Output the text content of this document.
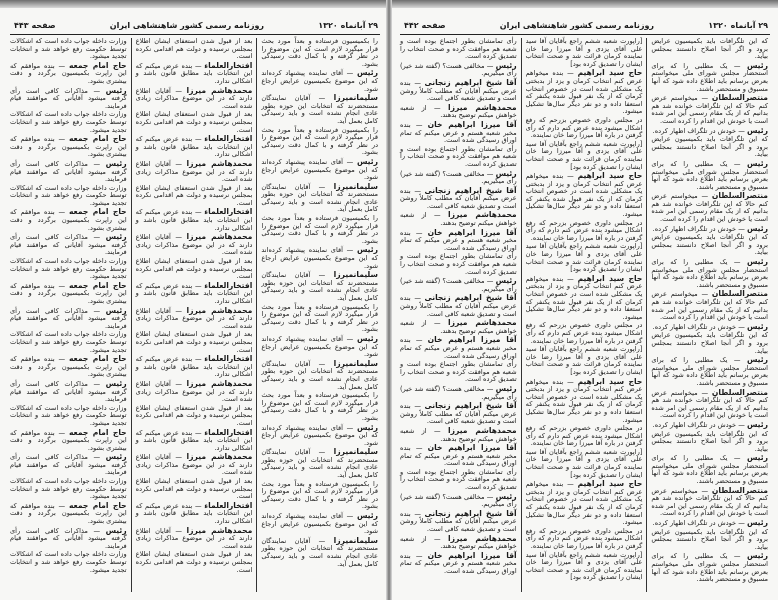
۲۹ آبانماه ۱۳۲۰
روزنامه رسمی کشور شاهنشاهی ایران
صفحه ۴۴۳

را بکمیسیون فرستاده و بعداً مورد بحث قرار میگیرد لازم است که این موضوع را در نظر گرفته و با کمال دقت رسیدگی بشود.

رئیس — آقای نماینده پیشنهاد کرده‌اند که این موضوع بکمیسیون عرایض ارجاع شود.

سلیمانمیرزا — آقایان نمایندگان مستحضرند که انتخابات این حوزه بطور عادی انجام نشده است و باید رسیدگی کامل بعمل آید.

را بکمیسیون فرستاده و بعداً مورد بحث قرار میگیرد لازم است که این موضوع را در نظر گرفته و با کمال دقت رسیدگی بشود.

رئیس — آقای نماینده پیشنهاد کرده‌اند که این موضوع بکمیسیون عرایض ارجاع شود.

سلیمانمیرزا — آقایان نمایندگان مستحضرند که انتخابات این حوزه بطور عادی انجام نشده است و باید رسیدگی کامل بعمل آید.

را بکمیسیون فرستاده و بعداً مورد بحث قرار میگیرد لازم است که این موضوع را در نظر گرفته و با کمال دقت رسیدگی بشود.

رئیس — آقای نماینده پیشنهاد کرده‌اند که این موضوع بکمیسیون عرایض ارجاع شود.

سلیمانمیرزا — آقایان نمایندگان مستحضرند که انتخابات این حوزه بطور عادی انجام نشده است و باید رسیدگی کامل بعمل آید.

را بکمیسیون فرستاده و بعداً مورد بحث قرار میگیرد لازم است که این موضوع را در نظر گرفته و با کمال دقت رسیدگی بشود.

رئیس — آقای نماینده پیشنهاد کرده‌اند که این موضوع بکمیسیون عرایض ارجاع شود.

سلیمانمیرزا — آقایان نمایندگان مستحضرند که انتخابات این حوزه بطور عادی انجام نشده است و باید رسیدگی کامل بعمل آید.

را بکمیسیون فرستاده و بعداً مورد بحث قرار میگیرد لازم است که این موضوع را در نظر گرفته و با کمال دقت رسیدگی بشود.

رئیس — آقای نماینده پیشنهاد کرده‌اند که این موضوع بکمیسیون عرایض ارجاع شود.

سلیمانمیرزا — آقایان نمایندگان مستحضرند که انتخابات این حوزه بطور عادی انجام نشده است و باید رسیدگی کامل بعمل آید.

را بکمیسیون فرستاده و بعداً مورد بحث قرار میگیرد لازم است که این موضوع را در نظر گرفته و با کمال دقت رسیدگی بشود.

رئیس — آقای نماینده پیشنهاد کرده‌اند که این موضوع بکمیسیون عرایض ارجاع شود.

سلیمانمیرزا — آقایان نمایندگان مستحضرند که انتخابات این حوزه بطور عادی انجام نشده است و باید رسیدگی کامل بعمل آید.

بعد از قبول شدن استعفای ایشان اطلاع بمجلس نرسیده و دولت هم اقدامی نکرده است.

افتخارالعلماء — بنده عرض میکنم که این انتخابات باید مطابق قانون باشد و اشکالی ندارد.

محمدهاشم میرزا — آقایان اطلاع دارند که در این موضوع مذاکرات زیادی شده است.

بعد از قبول شدن استعفای ایشان اطلاع بمجلس نرسیده و دولت هم اقدامی نکرده است.

افتخارالعلماء — بنده عرض میکنم که این انتخابات باید مطابق قانون باشد و اشکالی ندارد.

محمدهاشم میرزا — آقایان اطلاع دارند که در این موضوع مذاکرات زیادی شده است.

بعد از قبول شدن استعفای ایشان اطلاع بمجلس نرسیده و دولت هم اقدامی نکرده است.

افتخارالعلماء — بنده عرض میکنم که این انتخابات باید مطابق قانون باشد و اشکالی ندارد.

محمدهاشم میرزا — آقایان اطلاع دارند که در این موضوع مذاکرات زیادی شده است.

بعد از قبول شدن استعفای ایشان اطلاع بمجلس نرسیده و دولت هم اقدامی نکرده است.

افتخارالعلماء — بنده عرض میکنم که این انتخابات باید مطابق قانون باشد و اشکالی ندارد.

محمدهاشم میرزا — آقایان اطلاع دارند که در این موضوع مذاکرات زیادی شده است.

بعد از قبول شدن استعفای ایشان اطلاع بمجلس نرسیده و دولت هم اقدامی نکرده است.

افتخارالعلماء — بنده عرض میکنم که این انتخابات باید مطابق قانون باشد و اشکالی ندارد.

محمدهاشم میرزا — آقایان اطلاع دارند که در این موضوع مذاکرات زیادی شده است.

بعد از قبول شدن استعفای ایشان اطلاع بمجلس نرسیده و دولت هم اقدامی نکرده است.

افتخارالعلماء — بنده عرض میکنم که این انتخابات باید مطابق قانون باشد و اشکالی ندارد.

محمدهاشم میرزا — آقایان اطلاع دارند که در این موضوع مذاکرات زیادی شده است.

بعد از قبول شدن استعفای ایشان اطلاع بمجلس نرسیده و دولت هم اقدامی نکرده است.

افتخارالعلماء — بنده عرض میکنم که این انتخابات باید مطابق قانون باشد و اشکالی ندارد.

محمدهاشم میرزا — آقایان اطلاع دارند که در این موضوع مذاکرات زیادی شده است.

بعد از قبول شدن استعفای ایشان اطلاع بمجلس نرسیده و دولت هم اقدامی نکرده است.

وزارت داخله جواب داده است که اشکالات توسط حکومت رفع خواهد شد و انتخابات تجدید میشود.

حاج امام جمعه — بنده موافقم که این راپرت بکمیسیون برگردد و دقت بیشتری بشود.

رئیس — مذاکرات کافی است رأی گرفته میشود آقایانی که موافقند قیام فرمایند.

وزارت داخله جواب داده است که اشکالات توسط حکومت رفع خواهد شد و انتخابات تجدید میشود.

حاج امام جمعه — بنده موافقم که این راپرت بکمیسیون برگردد و دقت بیشتری بشود.

رئیس — مذاکرات کافی است رأی گرفته میشود آقایانی که موافقند قیام فرمایند.

وزارت داخله جواب داده است که اشکالات توسط حکومت رفع خواهد شد و انتخابات تجدید میشود.

حاج امام جمعه — بنده موافقم که این راپرت بکمیسیون برگردد و دقت بیشتری بشود.

رئیس — مذاکرات کافی است رأی گرفته میشود آقایانی که موافقند قیام فرمایند.

وزارت داخله جواب داده است که اشکالات توسط حکومت رفع خواهد شد و انتخابات تجدید میشود.

حاج امام جمعه — بنده موافقم که این راپرت بکمیسیون برگردد و دقت بیشتری بشود.

رئیس — مذاکرات کافی است رأی گرفته میشود آقایانی که موافقند قیام فرمایند.

وزارت داخله جواب داده است که اشکالات توسط حکومت رفع خواهد شد و انتخابات تجدید میشود.

حاج امام جمعه — بنده موافقم که این راپرت بکمیسیون برگردد و دقت بیشتری بشود.

رئیس — مذاکرات کافی است رأی گرفته میشود آقایانی که موافقند قیام فرمایند.

وزارت داخله جواب داده است که اشکالات توسط حکومت رفع خواهد شد و انتخابات تجدید میشود.

حاج امام جمعه — بنده موافقم که این راپرت بکمیسیون برگردد و دقت بیشتری بشود.

رئیس — مذاکرات کافی است رأی گرفته میشود آقایانی که موافقند قیام فرمایند.

وزارت داخله جواب داده است که اشکالات توسط حکومت رفع خواهد شد و انتخابات تجدید میشود.

حاج امام جمعه — بنده موافقم که این راپرت بکمیسیون برگردد و دقت بیشتری بشود.

رئیس — مذاکرات کافی است رأی گرفته میشود آقایانی که موافقند قیام فرمایند.

وزارت داخله جواب داده است که اشکالات توسط حکومت رفع خواهد شد و انتخابات تجدید میشود.

۲۹ آبانماه ۱۳۲۰
روزنامه رسمی کشور شاهنشاهی ایران
صفحه ۴۴۲

که این تلگرافات باید بکمیسیون عرایض برود و اگر آنجا اصلاح دانستند بمجلس بیاید.

رئیس — یک مطلبی را که برای استحضار مجلس شورای ملی میخواستم بعرض برسانم باید اطلاع داده شود که آنها مسبوق و مستحضر باشند.

منتصرالسلطان — میخواستم عرض کنم حالا که این تلگرافات خوانده شد هم بدانیم که از یک مقام رسمی این امر شده است یا خودش این اقدام را کرده است.

رئیس — خودش در تلگراف اظهار کرده.

که این تلگرافات باید بکمیسیون عرایض برود و اگر آنجا اصلاح دانستند بمجلس بیاید.

رئیس — یک مطلبی را که برای استحضار مجلس شورای ملی میخواستم بعرض برسانم باید اطلاع داده شود که آنها مسبوق و مستحضر باشند.

منتصرالسلطان — میخواستم عرض کنم حالا که این تلگرافات خوانده شد هم بدانیم که از یک مقام رسمی این امر شده است یا خودش این اقدام را کرده است.

رئیس — خودش در تلگراف اظهار کرده.

که این تلگرافات باید بکمیسیون عرایض برود و اگر آنجا اصلاح دانستند بمجلس بیاید.

رئیس — یک مطلبی را که برای استحضار مجلس شورای ملی میخواستم بعرض برسانم باید اطلاع داده شود که آنها مسبوق و مستحضر باشند.

منتصرالسلطان — میخواستم عرض کنم حالا که این تلگرافات خوانده شد هم بدانیم که از یک مقام رسمی این امر شده است یا خودش این اقدام را کرده است.

رئیس — خودش در تلگراف اظهار کرده.

که این تلگرافات باید بکمیسیون عرایض برود و اگر آنجا اصلاح دانستند بمجلس بیاید.

رئیس — یک مطلبی را که برای استحضار مجلس شورای ملی میخواستم بعرض برسانم باید اطلاع داده شود که آنها مسبوق و مستحضر باشند.

منتصرالسلطان — میخواستم عرض کنم حالا که این تلگرافات خوانده شد هم بدانیم که از یک مقام رسمی این امر شده است یا خودش این اقدام را کرده است.

رئیس — خودش در تلگراف اظهار کرده.

که این تلگرافات باید بکمیسیون عرایض برود و اگر آنجا اصلاح دانستند بمجلس بیاید.

رئیس — یک مطلبی را که برای استحضار مجلس شورای ملی میخواستم بعرض برسانم باید اطلاع داده شود که آنها مسبوق و مستحضر باشند.

منتصرالسلطان — میخواستم عرض کنم حالا که این تلگرافات خوانده شد هم بدانیم که از یک مقام رسمی این امر شده است یا خودش این اقدام را کرده است.

رئیس — خودش در تلگراف اظهار کرده.

که این تلگرافات باید بکمیسیون عرایض برود و اگر آنجا اصلاح دانستند بمجلس بیاید.

رئیس — یک مطلبی را که برای استحضار مجلس شورای ملی میخواستم بعرض برسانم باید اطلاع داده شود که آنها مسبوق و مستحضر باشند.

[راپورت شعبه ششم راجع بآقایان آقا سید علی آقای یزدی و آقا میرزا رضا خان نماینده کرمان قرائت شد و صحت انتخاب ایشان را تصدیق کرده بود]

حاج سید ابراهیم — بنده میخواهم عرض کنم انتخاب کرمان و یزد از بدبختی یک مشکلی شده است در خصوص انتخاب کرمان که از یک نفر قبول شده یکنفر که استعفا داده و دو نفر دیگر سال‌ها تشکیل میشود.

در مجلس داوری خصوص بزرحم که رفع اشکال میشود بنده عرض کنم دارم که رأی گرفتن در باره آقا میرزا رضا خان نماینده.

[راپورت شعبه ششم راجع بآقایان آقا سید علی آقای یزدی و آقا میرزا رضا خان نماینده کرمان قرائت شد و صحت انتخاب ایشان را تصدیق کرده بود]

حاج سید ابراهیم — بنده میخواهم عرض کنم انتخاب کرمان و یزد از بدبختی یک مشکلی شده است در خصوص انتخاب کرمان که از یک نفر قبول شده یکنفر که استعفا داده و دو نفر دیگر سال‌ها تشکیل میشود.

در مجلس داوری خصوص بزرحم که رفع اشکال میشود بنده عرض کنم دارم که رأی گرفتن در باره آقا میرزا رضا خان نماینده.

[راپورت شعبه ششم راجع بآقایان آقا سید علی آقای یزدی و آقا میرزا رضا خان نماینده کرمان قرائت شد و صحت انتخاب ایشان را تصدیق کرده بود]

حاج سید ابراهیم — بنده میخواهم عرض کنم انتخاب کرمان و یزد از بدبختی یک مشکلی شده است در خصوص انتخاب کرمان که از یک نفر قبول شده یکنفر که استعفا داده و دو نفر دیگر سال‌ها تشکیل میشود.

در مجلس داوری خصوص بزرحم که رفع اشکال میشود بنده عرض کنم دارم که رأی گرفتن در باره آقا میرزا رضا خان نماینده.

[راپورت شعبه ششم راجع بآقایان آقا سید علی آقای یزدی و آقا میرزا رضا خان نماینده کرمان قرائت شد و صحت انتخاب ایشان را تصدیق کرده بود]

حاج سید ابراهیم — بنده میخواهم عرض کنم انتخاب کرمان و یزد از بدبختی یک مشکلی شده است در خصوص انتخاب کرمان که از یک نفر قبول شده یکنفر که استعفا داده و دو نفر دیگر سال‌ها تشکیل میشود.

در مجلس داوری خصوص بزرحم که رفع اشکال میشود بنده عرض کنم دارم که رأی گرفتن در باره آقا میرزا رضا خان نماینده.

[راپورت شعبه ششم راجع بآقایان آقا سید علی آقای یزدی و آقا میرزا رضا خان نماینده کرمان قرائت شد و صحت انتخاب ایشان را تصدیق کرده بود]

حاج سید ابراهیم — بنده میخواهم عرض کنم انتخاب کرمان و یزد از بدبختی یک مشکلی شده است در خصوص انتخاب کرمان که از یک نفر قبول شده یکنفر که استعفا داده و دو نفر دیگر سال‌ها تشکیل میشود.

در مجلس داوری خصوص بزرحم که رفع اشکال میشود بنده عرض کنم دارم که رأی گرفتن در باره آقا میرزا رضا خان نماینده.

[راپورت شعبه ششم راجع بآقایان آقا سید علی آقای یزدی و آقا میرزا رضا خان نماینده کرمان قرائت شد و صحت انتخاب ایشان را تصدیق کرده بود]

رأی تمامشان بطور اجتماع بوده است و شعبه هم موافقت کرده و صحت انتخاب را تصدیق کرده است.

رئیس — مخالفی هست؟ (گفته شد خیر) رأی میگیریم.

آقا شیخ ابراهیم زنجانی — بنده عرض میکنم آقایان که مطلب کاملاً روشن است و تصدیق شعبه کافی است.

محمدهاشم میرزا — از شعبه خواهش میکنم توضیح بدهند.

آقا میرزا ابراهیم خان — بنده مخبر شعبه هستم و عرض میکنم که تمام اوراق رسیدگی شده است.

رأی تمامشان بطور اجتماع بوده است و شعبه هم موافقت کرده و صحت انتخاب را تصدیق کرده است.

رئیس — مخالفی هست؟ (گفته شد خیر) رأی میگیریم.

آقا شیخ ابراهیم زنجانی — بنده عرض میکنم آقایان که مطلب کاملاً روشن است و تصدیق شعبه کافی است.

محمدهاشم میرزا — از شعبه خواهش میکنم توضیح بدهند.

آقا میرزا ابراهیم خان — بنده مخبر شعبه هستم و عرض میکنم که تمام اوراق رسیدگی شده است.

رأی تمامشان بطور اجتماع بوده است و شعبه هم موافقت کرده و صحت انتخاب را تصدیق کرده است.

رئیس — مخالفی هست؟ (گفته شد خیر) رأی میگیریم.

آقا شیخ ابراهیم زنجانی — بنده عرض میکنم آقایان که مطلب کاملاً روشن است و تصدیق شعبه کافی است.

محمدهاشم میرزا — از شعبه خواهش میکنم توضیح بدهند.

آقا میرزا ابراهیم خان — بنده مخبر شعبه هستم و عرض میکنم که تمام اوراق رسیدگی شده است.

رأی تمامشان بطور اجتماع بوده است و شعبه هم موافقت کرده و صحت انتخاب را تصدیق کرده است.

رئیس — مخالفی هست؟ (گفته شد خیر) رأی میگیریم.

آقا شیخ ابراهیم زنجانی — بنده عرض میکنم آقایان که مطلب کاملاً روشن است و تصدیق شعبه کافی است.

محمدهاشم میرزا — از شعبه خواهش میکنم توضیح بدهند.

آقا میرزا ابراهیم خان — بنده مخبر شعبه هستم و عرض میکنم که تمام اوراق رسیدگی شده است.

رأی تمامشان بطور اجتماع بوده است و شعبه هم موافقت کرده و صحت انتخاب را تصدیق کرده است.

رئیس — مخالفی هست؟ (گفته شد خیر) رأی میگیریم.

آقا شیخ ابراهیم زنجانی — بنده عرض میکنم آقایان که مطلب کاملاً روشن است و تصدیق شعبه کافی است.

محمدهاشم میرزا — از شعبه خواهش میکنم توضیح بدهند.

آقا میرزا ابراهیم خان — بنده مخبر شعبه هستم و عرض میکنم که تمام اوراق رسیدگی شده است.
